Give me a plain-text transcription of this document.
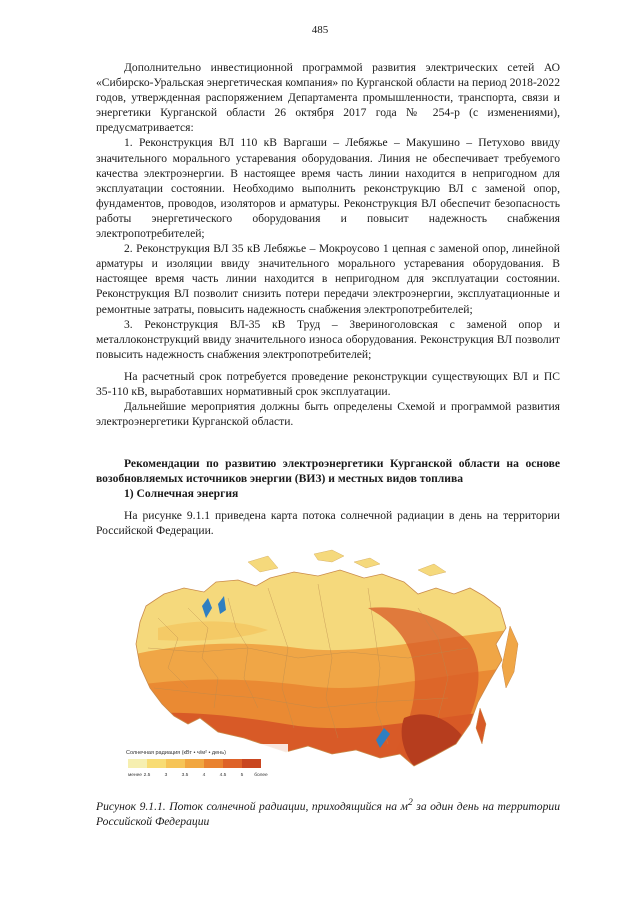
485

Дополнительно инвестиционной программой развития электрических сетей АО «Сибирско-Уральская энергетическая компания» по Курганской области на период 2018-2022 годов, утвержденная распоряжением Департамента промышленности, транспорта, связи и энергетики Курганской области 26 октября 2017 года № 254-р (с изменениями), предусматривается:

1. Реконструкция ВЛ 110 кВ Варгаши – Лебяжье – Макушино – Петухово ввиду значительного морального устаревания оборудования. Линия не обеспечивает требуемого качества электроэнергии. В настоящее время часть линии находится в непригодном для эксплуатации состоянии. Необходимо выполнить реконструкцию ВЛ с заменой опор, фундаментов, проводов, изоляторов и арматуры. Реконструкция ВЛ обеспечит безопасность работы энергетического оборудования и повысит надежность снабжения электропотребителей;

2. Реконструкция ВЛ 35 кВ Лебяжье – Мокроусово 1 цепная с заменой опор, линейной арматуры и изоляции ввиду значительного морального устаревания оборудования. В настоящее время часть линии находится в непригодном для эксплуатации состоянии. Реконструкция ВЛ позволит снизить потери передачи электроэнергии, эксплуатационные и ремонтные затраты, повысить надежность снабжения электропотребителей;

3. Реконструкция ВЛ-35 кВ Труд – Звериноголовская с заменой опор и металлоконструкций ввиду значительного износа оборудования. Реконструкция ВЛ позволит повысить надежность снабжения электропотребителей;

На расчетный срок потребуется проведение реконструкции существующих ВЛ и ПС 35-110 кВ, выработавших нормативный срок эксплуатации.

Дальнейшие мероприятия должны быть определены Схемой и программой развития электроэнергетики Курганской области.

Рекомендации по развитию электроэнергетики Курганской области на основе возобновляемых источников энергии (ВИЗ) и местных видов топлива

1) Солнечная энергия

На рисунке 9.1.1 приведена карта потока солнечной радиации в день на территории Российской Федерации.

Солнечная радиация (кВт • ч/м² • день)
менее 2.5	3	3.5	4	4.5	5 более
Рисунок 9.1.1. Поток солнечной радиации, приходящийся на $м^2$ за один день на территории Российской Федерации
